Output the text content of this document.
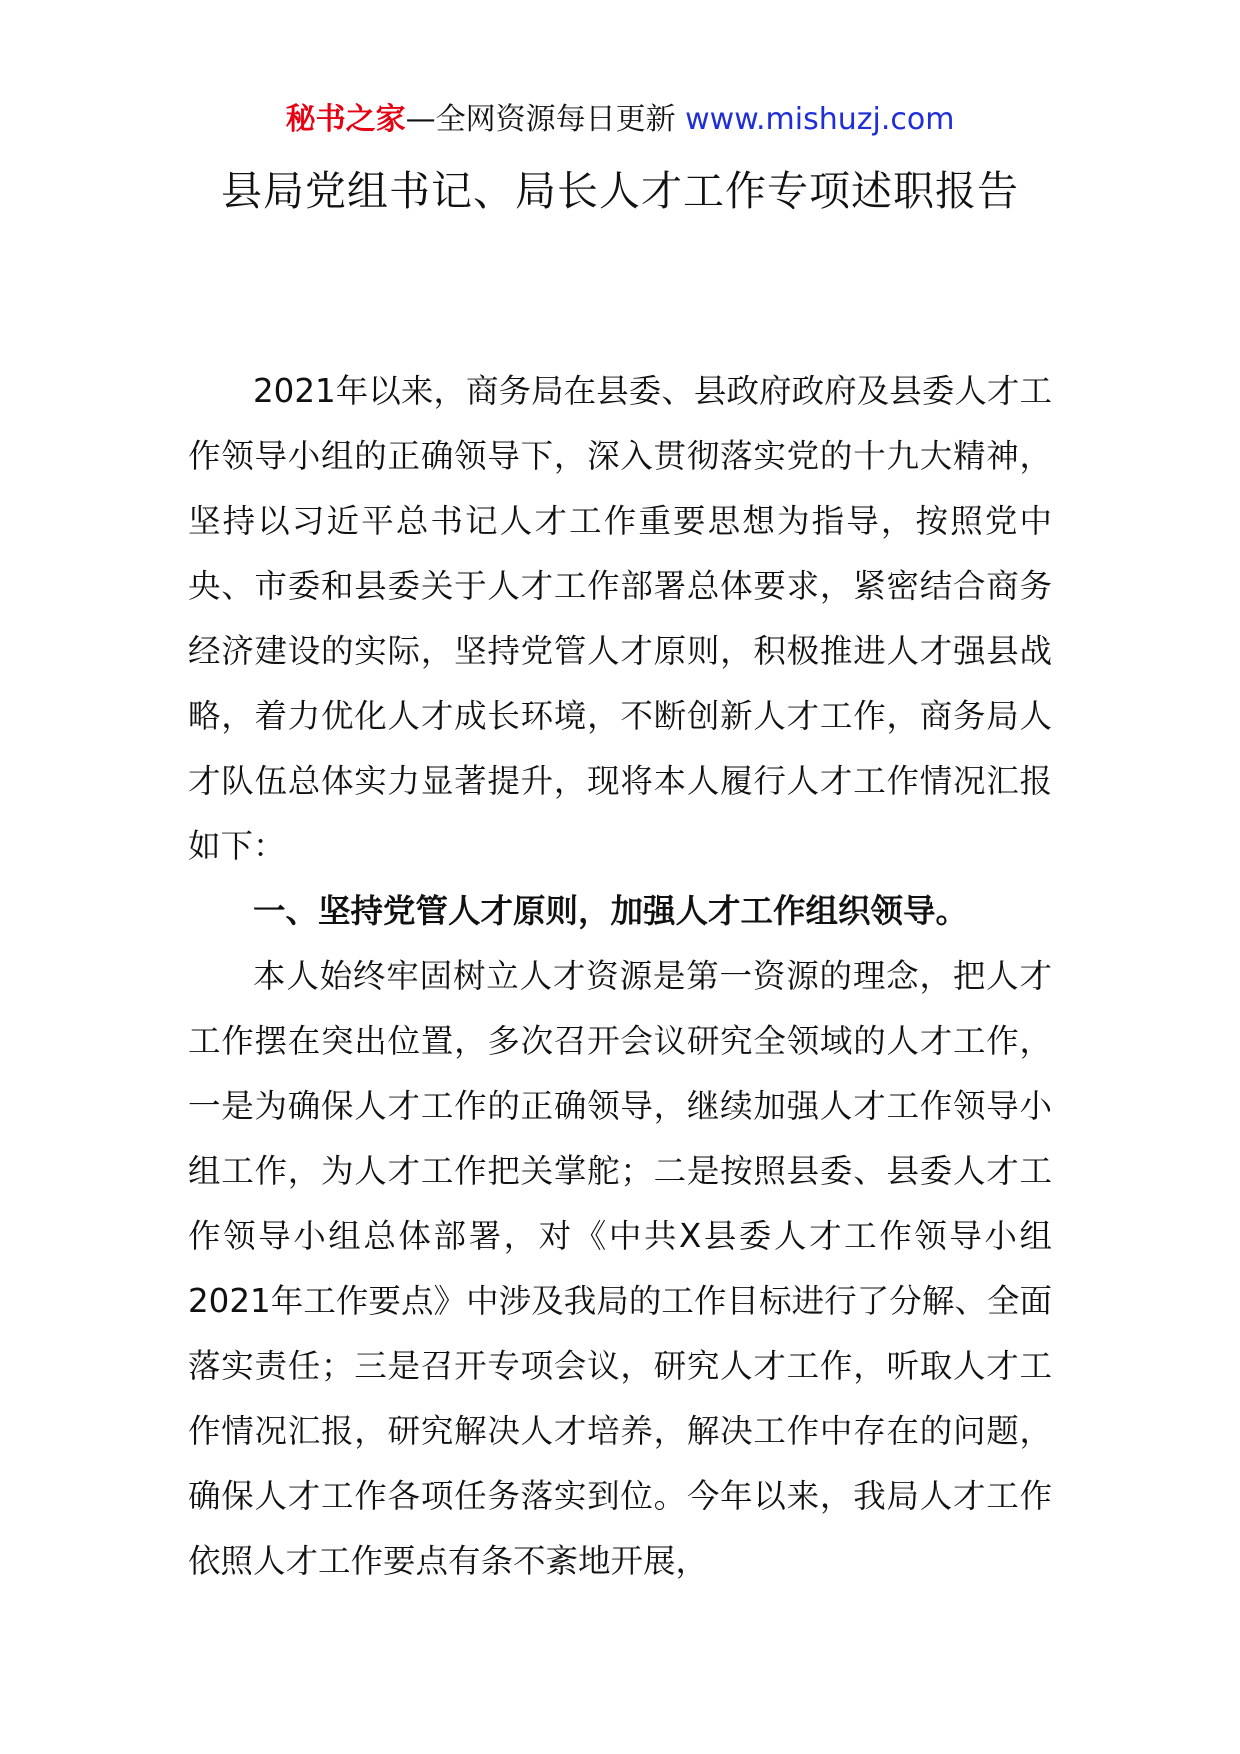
秘书之家—全网资源每日更新 www.mishuzj.com
县局党组书记、局长人才工作专项述职报告

2021年以来，商务局在县委、县政府政府及县委人才工作领导小组的正确领导下，深入贯彻落实党的十九大精神，坚持以习近平总书记人才工作重要思想为指导，按照党中央、市委和县委关于人才工作部署总体要求，紧密结合商务经济建设的实际，坚持党管人才原则，积极推进人才强县战略，着力优化人才成长环境，不断创新人才工作，商务局人才队伍总体实力显著提升，现将本人履行人才工作情况汇报如下：

一、坚持党管人才原则，加强人才工作组织领导。

本人始终牢固树立人才资源是第一资源的理念，把人才工作摆在突出位置，多次召开会议研究全领域的人才工作，一是为确保人才工作的正确领导，继续加强人才工作领导小组工作，为人才工作把关掌舵；二是按照县委、县委人才工作领导小组总体部署，对《中共X县委人才工作领导小组2021年工作要点》中涉及我局的工作目标进行了分解、全面落实责任；三是召开专项会议，研究人才工作，听取人才工作情况汇报，研究解决人才培养，解决工作中存在的问题，确保人才工作各项任务落实到位。今年以来，我局人才工作依照人才工作要点有条不紊地开展，
